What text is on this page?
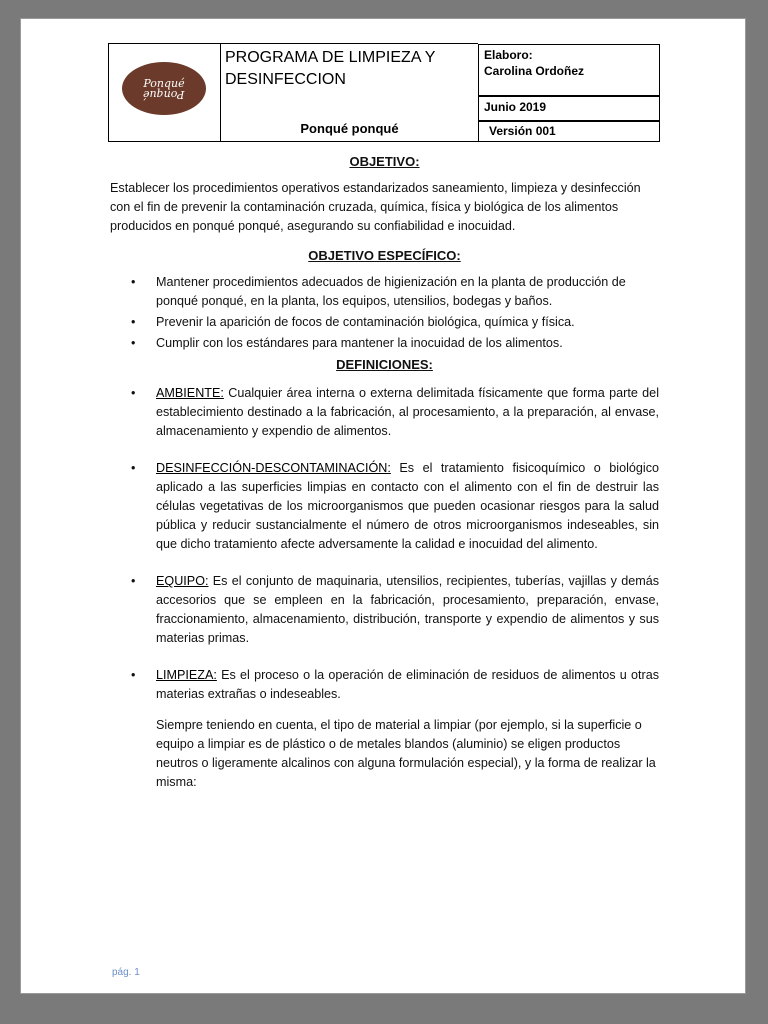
Ponqué
Ponqué
PROGRAMA DE LIMPIEZA Y DESINFECCION
Ponqué ponqué
Elaboro:
Carolina Ordoñez
Junio 2019
Versión 001
OBJETIVO:

Establecer los procedimientos operativos estandarizados saneamiento, limpieza y desinfección con el fin de prevenir la contaminación cruzada, química, física y biológica de los alimentos producidos en ponqué ponqué, asegurando su confiabilidad e inocuidad.

OBJETIVO ESPECÍFICO:
• Mantener procedimientos adecuados de higienización en la planta de producción de ponqué ponqué, en la planta, los equipos, utensilios, bodegas y baños.
• Prevenir la aparición de focos de contaminación biológica, química y física.
• Cumplir con los estándares para mantener la inocuidad de los alimentos.
DEFINICIONES:
• AMBIENTE: Cualquier área interna o externa delimitada físicamente que forma parte del establecimiento destinado a la fabricación, al procesamiento, a la preparación, al envase, almacenamiento y expendio de alimentos.
• DESINFECCIÓN-DESCONTAMINACIÓN: Es el tratamiento fisicoquímico o biológico aplicado a las superficies limpias en contacto con el alimento con el fin de destruir las células vegetativas de los microorganismos que pueden ocasionar riesgos para la salud pública y reducir sustancialmente el número de otros microorganismos indeseables, sin que dicho tratamiento afecte adversamente la calidad e inocuidad del alimento.
• EQUIPO: Es el conjunto de maquinaria, utensilios, recipientes, tuberías, vajillas y demás accesorios que se empleen en la fabricación, procesamiento, preparación, envase, fraccionamiento, almacenamiento, distribución, transporte y expendio de alimentos y sus materias primas.
• LIMPIEZA: Es el proceso o la operación de eliminación de residuos de alimentos u otras materias extrañas o indeseables.

Siempre teniendo en cuenta, el tipo de material a limpiar (por ejemplo, si la superficie o equipo a limpiar es de plástico o de metales blandos (aluminio) se eligen productos neutros o ligeramente alcalinos con alguna formulación especial), y la forma de realizar la misma:

pág. 1
